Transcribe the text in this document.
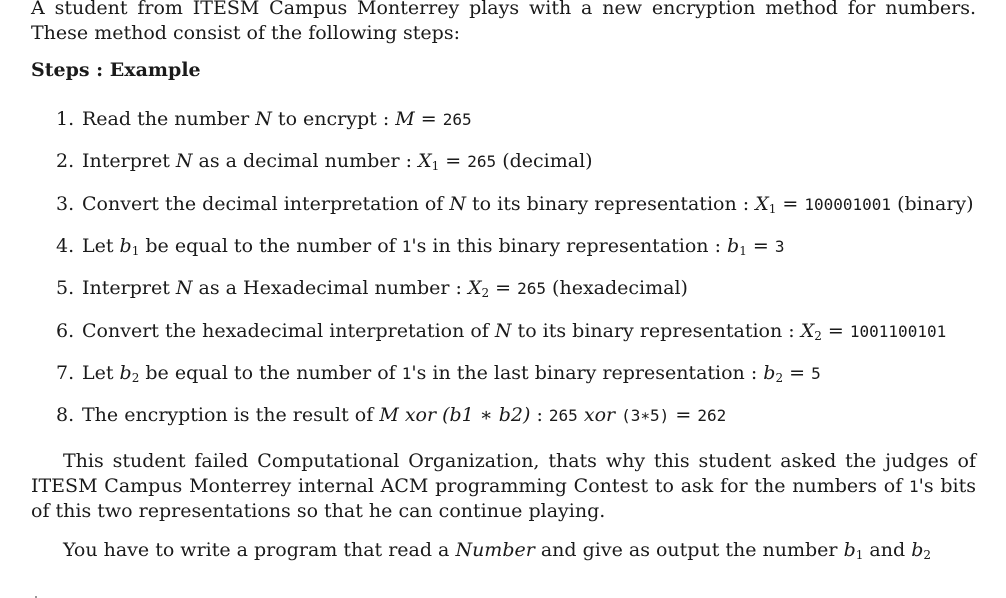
A student from ITESM Campus Monterrey plays with a new encryption method for numbers. These method consist of the following steps:

Steps : Example

1. Read the number N to encrypt : M = 265
2. Interpret N as a decimal number : $X_1 = 265$ (decimal)
3. Convert the decimal interpretation of N to its binary representation : $X_1 = 100001001$ (binary)
4. Let $b_1$ be equal to the number of 1's in this binary representation : $b_1 = 3$
5. Interpret N as a Hexadecimal number : $X_2 = 265$ (hexadecimal)
6. Convert the hexadecimal interpretation of N to its binary representation : $X_2 = 1001100101$
7. Let $b_2$ be equal to the number of 1's in the last binary representation : $b_2 = 5$
8. The encryption is the result of M xor (b1 ∗ b2) : 265 xor (3∗5) = 262

This student failed Computational Organization, thats why this student asked the judges of ITESM Campus Monterrey internal ACM programming Contest to ask for the numbers of 1's bits of this two representations so that he can continue playing.

You have to write a program that read a Number and give as output the number $b_1$ and $b_2$
